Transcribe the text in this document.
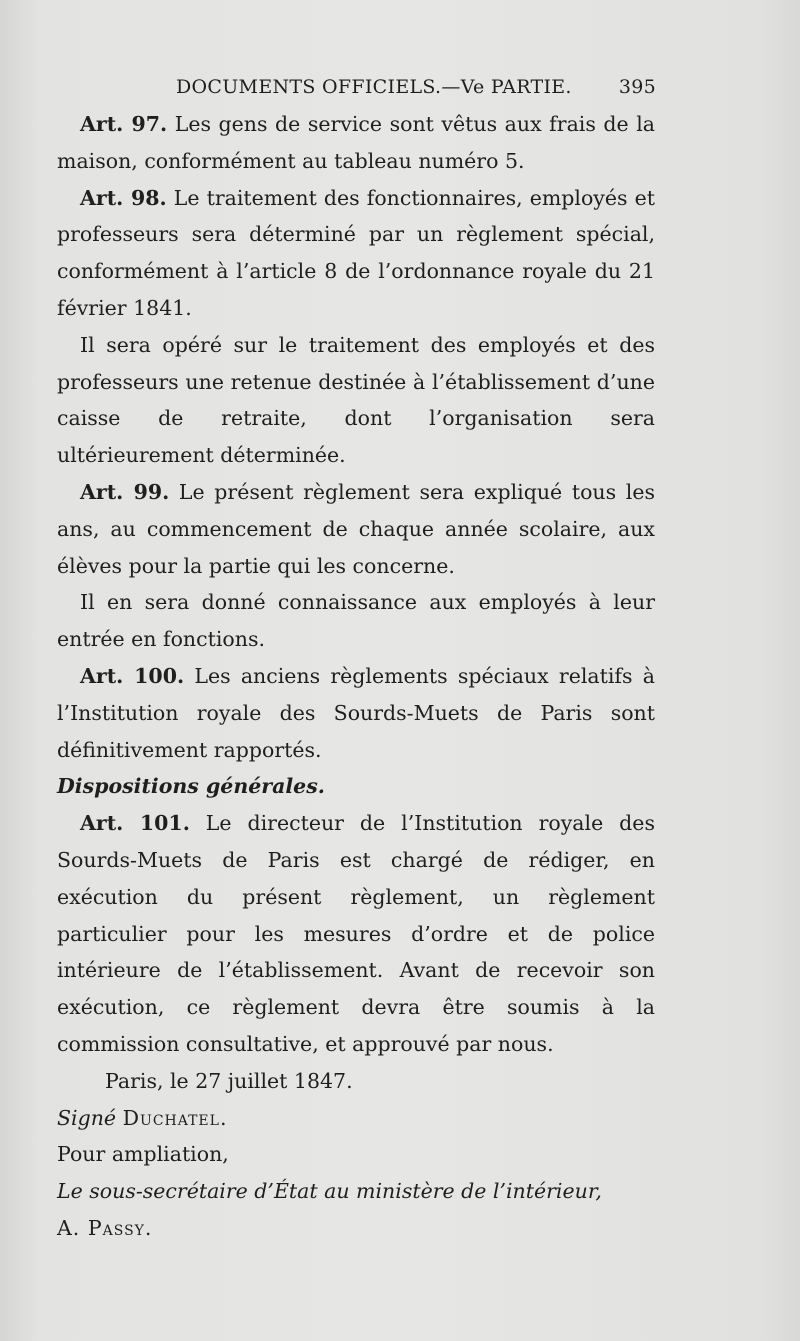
DOCUMENTS OFFICIELS.—Ve PARTIE. 395

Art. 97. Les gens de service sont vêtus aux frais de la maison, conformément au tableau numéro 5.

Art. 98. Le traitement des fonctionnaires, employés et professeurs sera déterminé par un règlement spécial, conformément à l’article 8 de l’ordonnance royale du 21 février 1841.

Il sera opéré sur le traitement des employés et des professeurs une retenue destinée à l’établissement d’une caisse de retraite, dont l’organisation sera ultérieurement déterminée.

Art. 99. Le présent règlement sera expliqué tous les ans, au commencement de chaque année scolaire, aux élèves pour la partie qui les concerne.

Il en sera donné connaissance aux employés à leur entrée en fonctions.

Art. 100. Les anciens règlements spéciaux relatifs à l’Institution royale des Sourds-Muets de Paris sont définitivement rapportés.

Dispositions générales.

Art. 101. Le directeur de l’Institution royale des Sourds-Muets de Paris est chargé de rédiger, en exécution du présent règlement, un règlement particulier pour les mesures d’ordre et de police intérieure de l’établissement. Avant de recevoir son exécution, ce règlement devra être soumis à la commission consultative, et approuvé par nous.

Paris, le 27 juillet 1847.

Signé Duchatel.

Pour ampliation,

Le sous-secrétaire d’État au ministère de l’intérieur,

A. Passy.
